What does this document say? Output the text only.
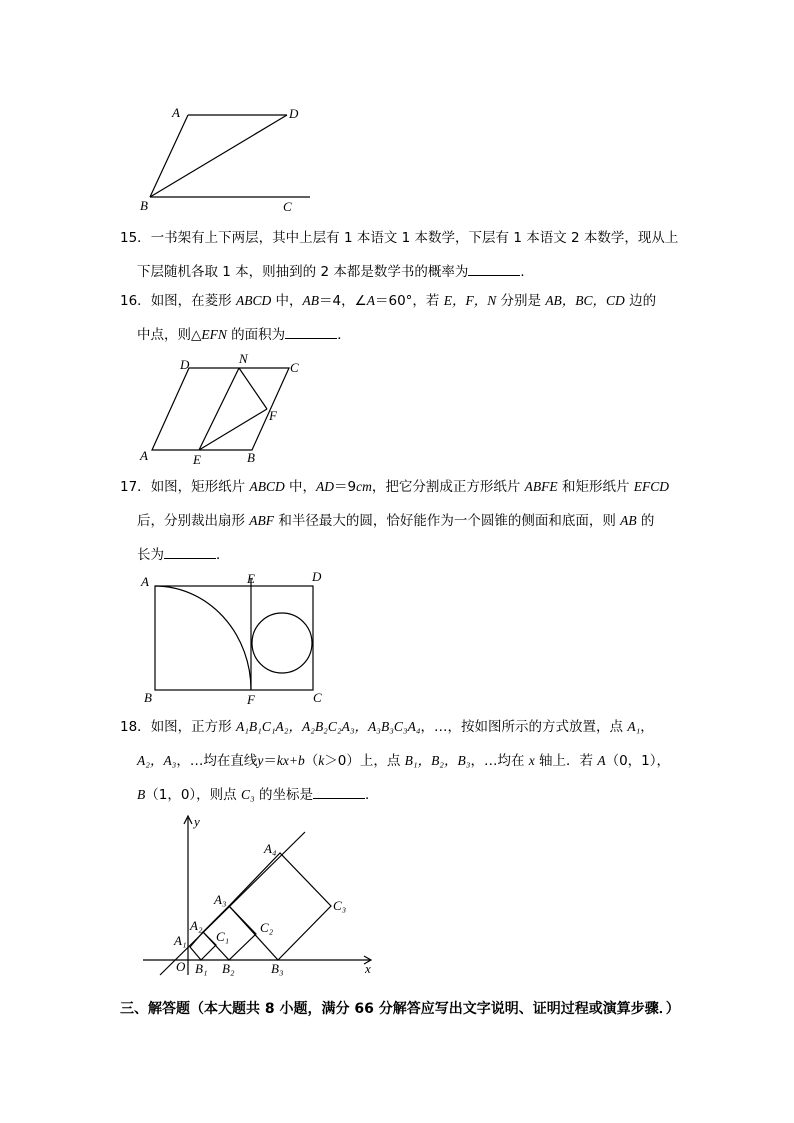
A	D
B	C
15．一书架有上下两层，其中上层有 1 本语文 1 本数学，下层有 1 本语文 2 本数学，现从上
下层随机各取 1 本，则抽到的 2 本都是数学书的概率为	．
16．如图，在菱形 ABCD 中，AB＝4，∠A＝60°，若 E，F，N 分别是 AB，BC，CD 边的
中点，则△EFN 的面积为	．
D	N
C
F
A	E	B
17．如图，矩形纸片 ABCD 中，AD＝9cm，把它分割成正方形纸片 ABFE 和矩形纸片 EFCD
后，分别裁出扇形 ABF 和半径最大的圆，恰好能作为一个圆锥的侧面和底面，则 AB 的
长为	．
A	E	D
B	F	C
18．如图，正方形 A₁B₁C₁A₂，A₂B₂C₂A₃，A₃B₃C₃A₄，…，按如图所示的方式放置，点 A₁，
A₂，A₃，…均在直线y＝kx+b（k＞0）上，点 B₁，B₂，B₃，…均在 x 轴上．若 A（0，1），
B（1，0），则点 C₃ 的坐标是	．
y
x
O
A₁
A₂
A₃
A₄
B₁ B₂	B₃
C₁
C₂
C₃
三、解答题（本大题共 8 小题，满分 66 分解答应写出文字说明、证明过程或演算步骤．）
